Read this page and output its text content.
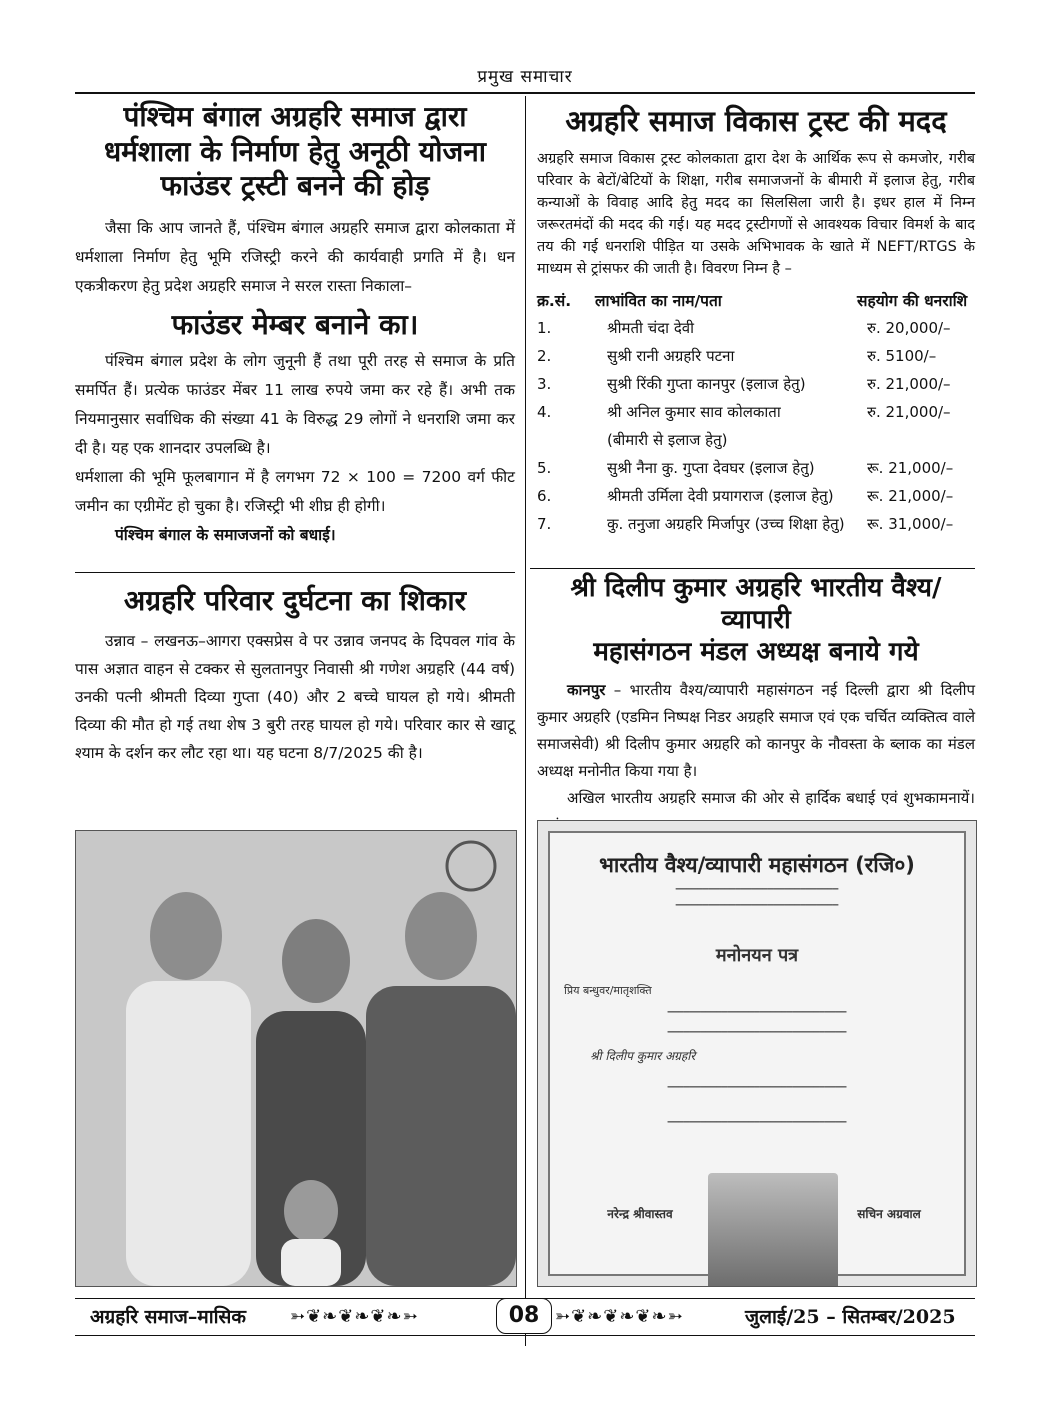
प्रमुख समाचार
पंश्चिम बंगाल अग्रहरि समाज द्वारा
धर्मशाला के निर्माण हेतु अनूठी योजना
फाउंडर ट्रस्टी बनने की होड़

जैसा कि आप जानते हैं, पंश्चिम बंगाल अग्रहरि समाज द्वारा कोलकाता में धर्मशाला निर्माण हेतु भूमि रजिस्ट्री करने की कार्यवाही प्रगति में है। धन एकत्रीकरण हेतु प्रदेश अग्रहरि समाज ने सरल रास्ता निकाला–

फाउंडर मेम्बर बनाने का।

पंश्चिम बंगाल प्रदेश के लोग जुनूनी हैं तथा पूरी तरह से समाज के प्रति समर्पित हैं। प्रत्येक फाउंडर मेंबर 11 लाख रुपये जमा कर रहे हैं। अभी तक नियमानुसार सर्वाधिक की संख्या 41 के विरुद्ध 29 लोगों ने धनराशि जमा कर दी है। यह एक शानदार उपलब्धि है।

धर्मशाला की भूमि फूलबागान में है लगभग 72 × 100 = 7200 वर्ग फीट जमीन का एग्रीमेंट हो चुका है। रजिस्ट्री भी शीघ्र ही होगी।

पंश्चिम बंगाल के समाजजनों को बधाई।
अग्रहरि समाज विकास ट्रस्ट की मदद

अग्रहरि समाज विकास ट्रस्ट कोलकाता द्वारा देश के आर्थिक रूप से कमजोर, गरीब परिवार के बेटों/बेटियों के शिक्षा, गरीब समाजजनों के बीमारी में इलाज हेतु, गरीब कन्याओं के विवाह आदि हेतु मदद का सिलसिला जारी है। इधर हाल में निम्न जरूरतमंदों की मदद की गई। यह मदद ट्रस्टीगणों से आवश्यक विचार विमर्श के बाद तय की गई धनराशि पीड़ित या उसके अभिभावक के खाते में NEFT/RTGS के माध्यम से ट्रांसफर की जाती है। विवरण निम्न है –

क्र.सं.	लाभांवित का नाम/पता	सहयोग की धनराशि
1.	श्रीमती चंदा देवी	रु. 20,000/–
2.	सुश्री रानी अग्रहरि पटना	रु. 5100/–
3.	सुश्री रिंकी गुप्ता कानपुर (इलाज हेतु)	रु. 21,000/–
4.	श्री अनिल कुमार साव कोलकाता	रु. 21,000/–
	(बीमारी से इलाज हेतु)	
5.	सुश्री नैना कु. गुप्ता देवघर (इलाज हेतु)	रू. 21,000/–
6.	श्रीमती उर्मिला देवी प्रयागराज (इलाज हेतु)	रू. 21,000/–
7.	कु. तनुजा अग्रहरि मिर्जापुर (उच्च शिक्षा हेतु)	रू. 31,000/–
अग्रहरि परिवार दुर्घटना का शिकार

उन्नाव – लखनऊ–आगरा एक्सप्रेस वे पर उन्नाव जनपद के दिपवल गांव के पास अज्ञात वाहन से टक्कर से सुलतानपुर निवासी श्री गणेश अग्रहरि (44 वर्ष) उनकी पत्नी श्रीमती दिव्या गुप्ता (40) और 2 बच्चे घायल हो गये। श्रीमती दिव्या की मौत हो गई तथा शेष 3 बुरी तरह घायल हो गये। परिवार कार से खाटू श्याम के दर्शन कर लौट रहा था। यह घटना 8/7/2025 की है।

श्री दिलीप कुमार अग्रहरि भारतीय वैश्य/व्यापारी
महासंगठन मंडल अध्यक्ष बनाये गये

कानपुर – भारतीय वैश्य/व्यापारी महासंगठन नई दिल्ली द्वारा श्री दिलीप कुमार अग्रहरि (एडमिन निष्पक्ष निडर अग्रहरि समाज एवं एक चर्चित व्यक्तित्व वाले समाजसेवी) श्री दिलीप कुमार अग्रहरि को कानपुर के नौवस्ता के ब्लाक का मंडल अध्यक्ष मनोनीत किया गया है।

अखिल भारतीय अग्रहरि समाज की ओर से हार्दिक बधाई एवं शुभकामनायें।

भारतीय वैश्य/व्यापारी महासंगठन (रजि०)
━━━━━━━━━━━━━━━━━━━━━━━━━━━━━━
━━━━━━━━━━━━━━━━━━━━━━━━━━━━━━
मनोनयन पत्र
प्रिय बन्धुवर/मातृशक्ति
━━━━━━━━━━━━━━━━━━━━━━━━━━━━━━━━━
━━━━━━━━━━━━━━━━━━━━━━━━━━━━━━━━━
श्री दिलीप कुमार अग्रहरि
━━━━━━━━━━━━━━━━━━━━━━━━━━━━━━━━━
━━━━━━━━━━━━━━━━━━━━━━━━━━━━━━━━━
नरेन्द्र श्रीवास्तव	सचिन अग्रवाल
अग्रहरि समाज–मासिक ➳❦❧❦❧❦❧➳	08 ➳❦❧❦❧❦❧➳	जुलाई/25 – सितम्बर/2025
